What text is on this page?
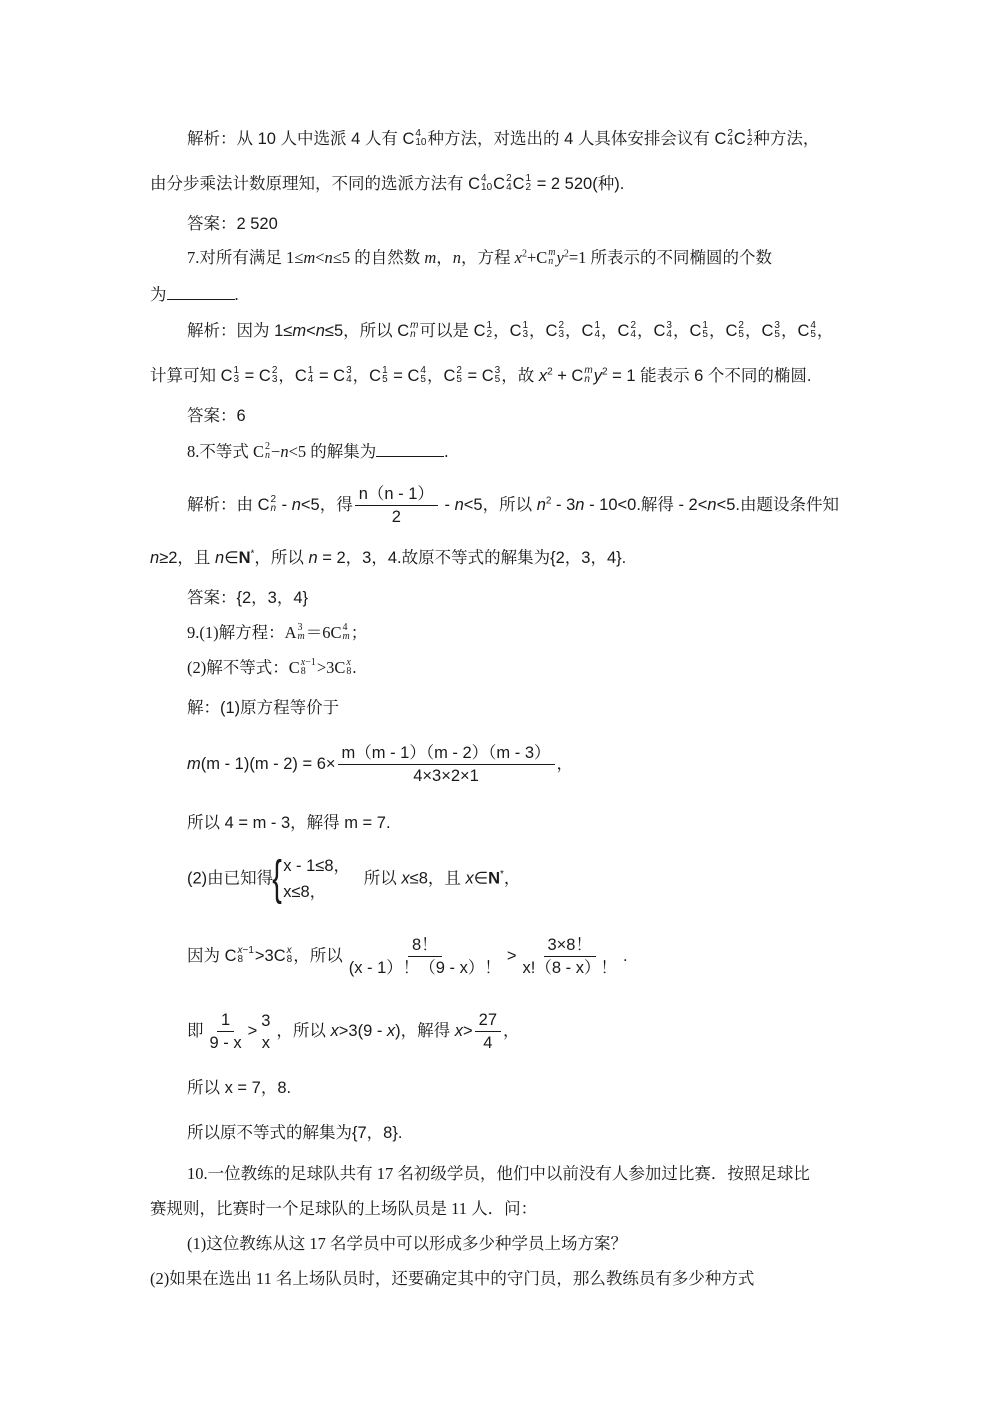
解析：从 10 人中选派 4 人有 C 4
10 种方法，对选出的 4 人具体安排会议有 C 2
4 C 1
2 种方法，
由分步乘法计数原理知，不同的选派方法有 C 4
10 C 2
4 C 1
2 = 2 520(种).
答案：2 520
7.对所有满足 1≤m<n≤5 的自然数 m，n，方程 $x^2+C$ m
n $y^2=1$ 所表示的不同椭圆的个数
为	.
解析：因为 1≤m<n≤5，所以 C m
n 可以是 C 1
2 ，C 1
3 ，C 2
3 ，C 1
4 ，C 2
4 ，C 3
4 ，C 1
5 ，C 2
5 ，C 3
5 ，C 4
5 ，
计算可知 C 1
3 = C 2
3 ，C 1
4 = C 3
4 ，C 1
5 = C 4
5 ，C 2
5 = C 3
5 ，故 $x^2 + C$ m
n $y^2 = 1$ 能表示 6 个不同的椭圆.
答案：6
8.不等式 C 2
n −n<5 的解集为	.
解析：由 C 2
n - n<5，得 $\frac{n(n - 1)}{2} - n<5$，所以 $n^2 - 3n - 10<0$.解得 - 2<n<5.由题设条件知
n≥2，且 n∈N*，所以 n = 2，3，4.故原不等式的解集为{2，3，4}.
答案：{2，3，4}
9.(1)解方程：A 3
m ＝6C 4
m ；
(2)解不等式：C x−1
8 >3C x
8 .
解：(1)原方程等价于
$m(m - 1)(m - 2) = 6\times \frac{m(m - 1)(m - 2)(m - 3)}{4\times 3\times 2\times 1}$ ，
所以 4 = m - 3，解得 m = 7.
(2)由已知得 { x - 1≤8，
x≤8，
所以 x≤8，且 x∈N*，
因为 C x−1
8 >3C x
8 ，所以 $\frac{8!}{(x - 1)!(9 - x)!} > \frac{3\times 8!}{x!(8 - x)!}$ .
即 $\frac{1}{9 - x}$ >
3
x
，所以 x>3(9 - x)，解得 $x> \frac{27}{4}$ ，
所以 x = 7，8.
所以原不等式的解集为{7，8}.
10.一位教练的足球队共有 17 名初级学员，他们中以前没有人参加过比赛．按照足球比
赛规则，比赛时一个足球队的上场队员是 11 人．问：
(1)这位教练从这 17 名学员中可以形成多少种学员上场方案？
(2)如果在选出 11 名上场队员时，还要确定其中的守门员，那么教练员有多少种方式
